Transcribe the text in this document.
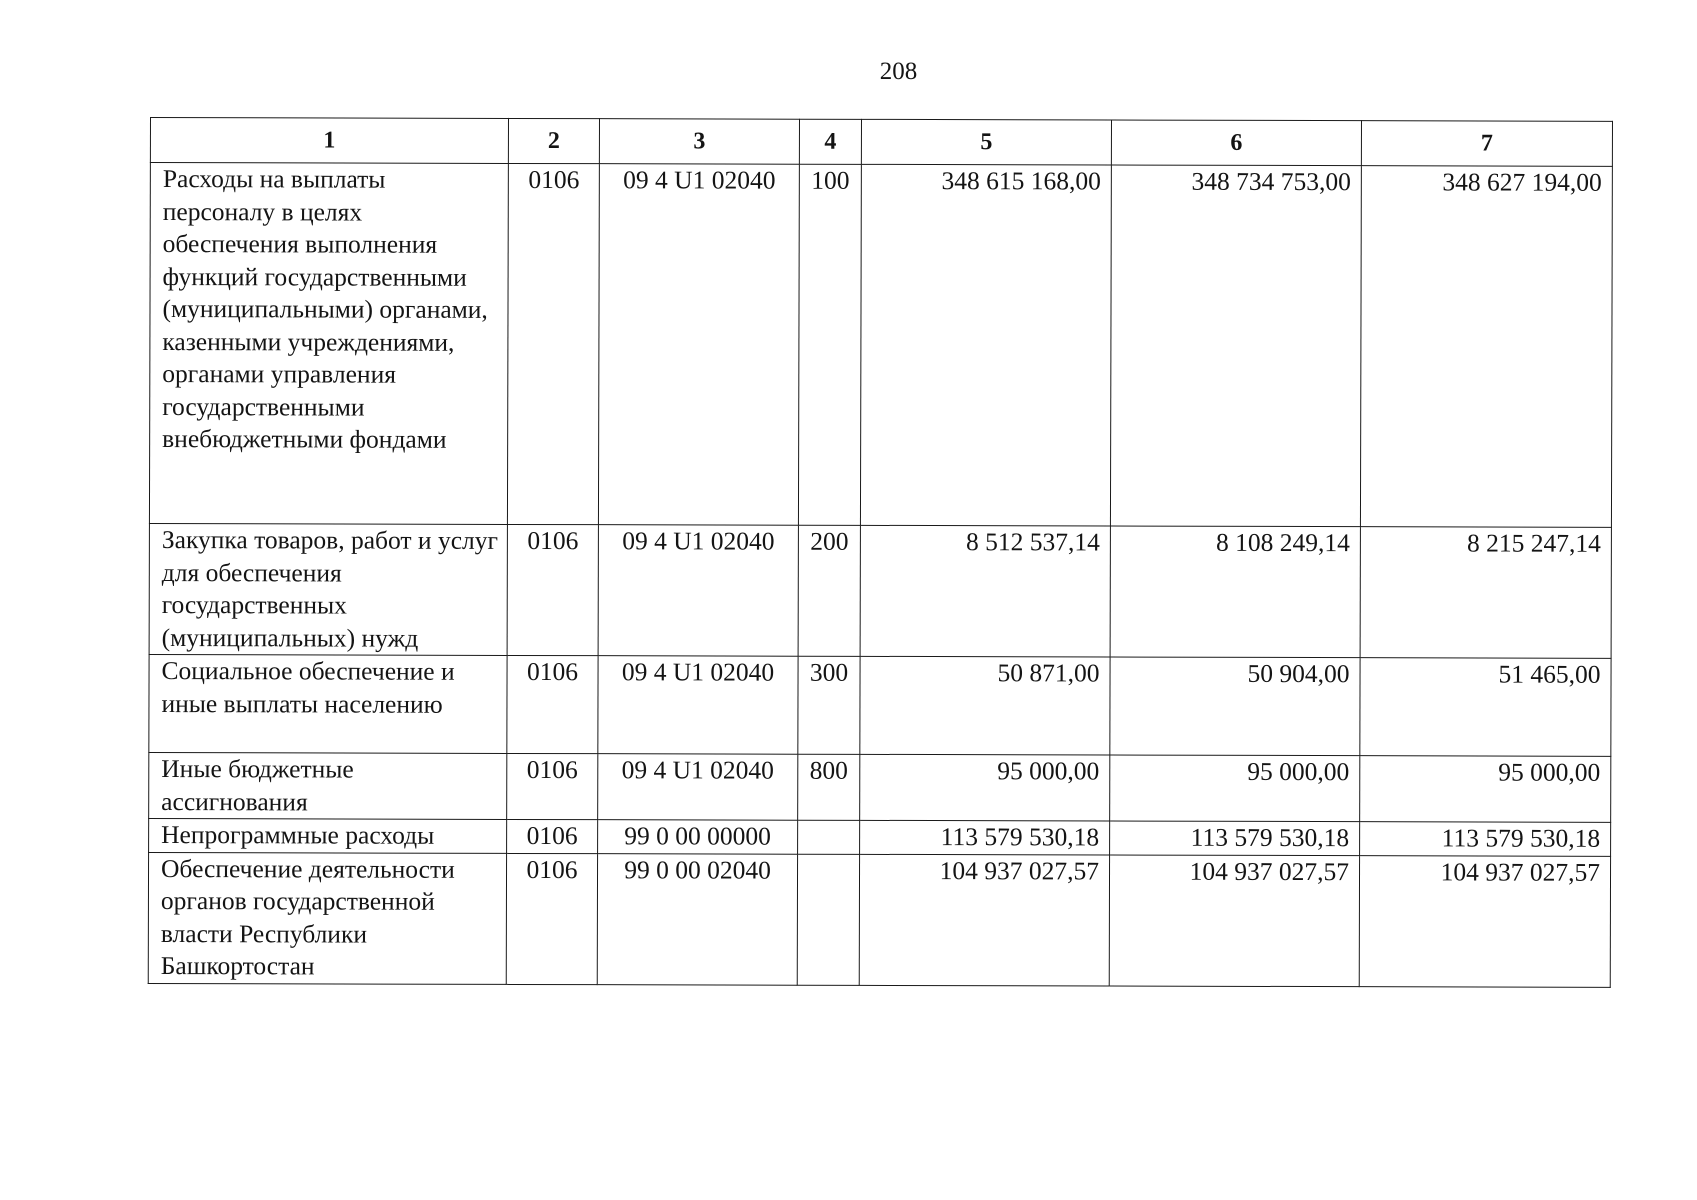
208
1	2	3	4	5	6	7
Расходы на выплаты персоналу в целях обеспечения выполнения функций государственными (муниципальными) органами, казенными учреждениями, органами управления государственными внебюджетными фондами	0106	09 4 U1 02040	100	348 615 168,00	348 734 753,00	348 627 194,00
Закупка товаров, работ и услуг для обеспечения государственных (муниципальных) нужд	0106	09 4 U1 02040	200	8 512 537,14	8 108 249,14	8 215 247,14
Социальное обеспечение и иные выплаты населению	0106	09 4 U1 02040	300	50 871,00	50 904,00	51 465,00
Иные бюджетные ассигнования	0106	09 4 U1 02040	800	95 000,00	95 000,00	95 000,00
Непрограммные расходы	0106	99 0 00 00000		113 579 530,18	113 579 530,18	113 579 530,18
Обеспечение деятельности органов государственной власти Республики Башкортостан	0106	99 0 00 02040		104 937 027,57	104 937 027,57	104 937 027,57
